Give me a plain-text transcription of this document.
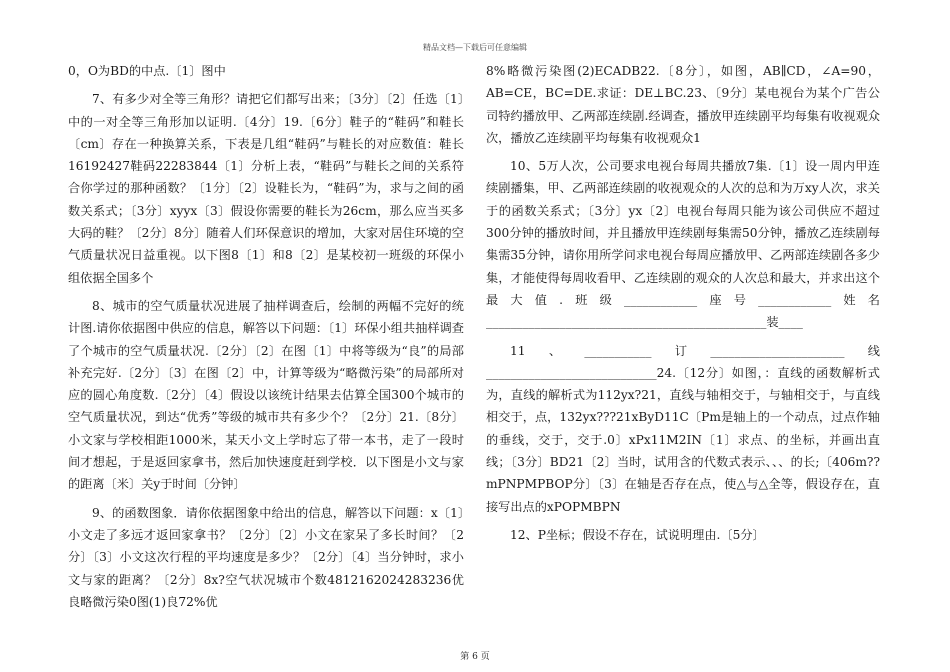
精品文档—下载后可任意编辑

0，O为BD的中点.〔1〕图中

7、有多少对全等三角形？请把它们都写出来；〔3分〕〔2〕任选〔1〕中的一对全等三角形加以证明.〔4分〕19.〔6分〕鞋子的“鞋码”和鞋长〔cm〕存在一种换算关系，下表是几组“鞋码”与鞋长的对应数值：鞋长16192427鞋码22283844〔1〕分析上表，“鞋码”与鞋长之间的关系符合你学过的那种函数？〔1分〕〔2〕设鞋长为，“鞋码”为，求与之间的函数关系式；〔3分〕xyyx〔3〕假设你需要的鞋长为26cm，那么应当买多大码的鞋？〔2分〕8分〕随着人们环保意识的增加，大家对居住环境的空气质量状况日益重视。以下图8〔1〕和8〔2〕是某校初一班级的环保小组依据全国多个

8、城市的空气质量状况进展了抽样调查后，绘制的两幅不完好的统计图.请你依据图中供应的信息，解答以下问题：〔1〕环保小组共抽样调查了个城市的空气质量状况.〔2分〕〔2〕在图〔1〕中将等级为“良”的局部补充完好.〔2分〕〔3〕在图〔2〕中，计算等级为“略微污染”的局部所对应的圆心角度数.〔2分〕〔4〕假设以该统计结果去估算全国300个城市的空气质量状况，到达“优秀”等级的城市共有多少个？〔2分〕21.〔8分〕小文家与学校相距1000米，某天小文上学时忘了带一本书，走了一段时间才想起，于是返回家拿书，然后加快速度赶到学校．以下图是小文与家的距离〔米〕关y于时间〔分钟〕

9、的函数图象．请你依据图象中给出的信息，解答以下问题：x〔1〕小文走了多远才返回家拿书？〔2分〕〔2〕小文在家呆了多长时间？〔2分〕〔3〕小文这次行程的平均速度是多少？〔2分〕〔4〕当分钟时，求小文与家的距离？〔2分〕8x?空气状况城市个数4812162024283236优良略微污染0图(1)良72%优

8%略微污染图(2)ECADB22.〔8分〕，如图，AB∥CD，∠A=90，AB=CE，BC=DE.求证：DE⊥BC.23、〔9分〕某电视台为某个广告公司特约播放甲、乙两部连续剧.经调查，播放甲连续剧平均每集有收视观众次，播放乙连续剧平均每集有收视观众1

10、5万人次，公司要求电视台每周共播放7集.〔1〕设一周内甲连续剧播集，甲、乙两部连续剧的收视观众的人次的总和为万xy人次，求关于的函数关系式；〔3分〕yx〔2〕电视台每周只能为该公司供应不超过300分钟的播放时间，并且播放甲连续剧每集需50分钟，播放乙连续剧每集需35分钟，请你用所学问求电视台每周应播放甲、乙两部连续剧各多少集，才能使得每周收看甲、乙连续剧的观众的人次总和最大，并求出这个最大值.班级____________座号____________姓名______________________________________________装____

11、___________订______________________线____________________________24.〔12分〕如图，：直线的函数解析式为，直线的解析式为112yx?21，直线与轴相交于，与轴相交于，与直线相交于，点，132yx???21xByD11C〔Pm是轴上的一个动点，过点作轴的垂线，交于，交于.0〕xPx11M2IN〔1〕求点、的坐标，并画出直线；〔3分〕BD21〔2〕当时，试用含的代数式表示、、、的长;〔406m??mPNPMPBOP分〕〔3〕在轴是否存在点，使△与△全等，假设存在，直接写出点的xPOPMBPN

12、P坐标；假设不存在，试说明理由.〔5分〕

第 6 页
